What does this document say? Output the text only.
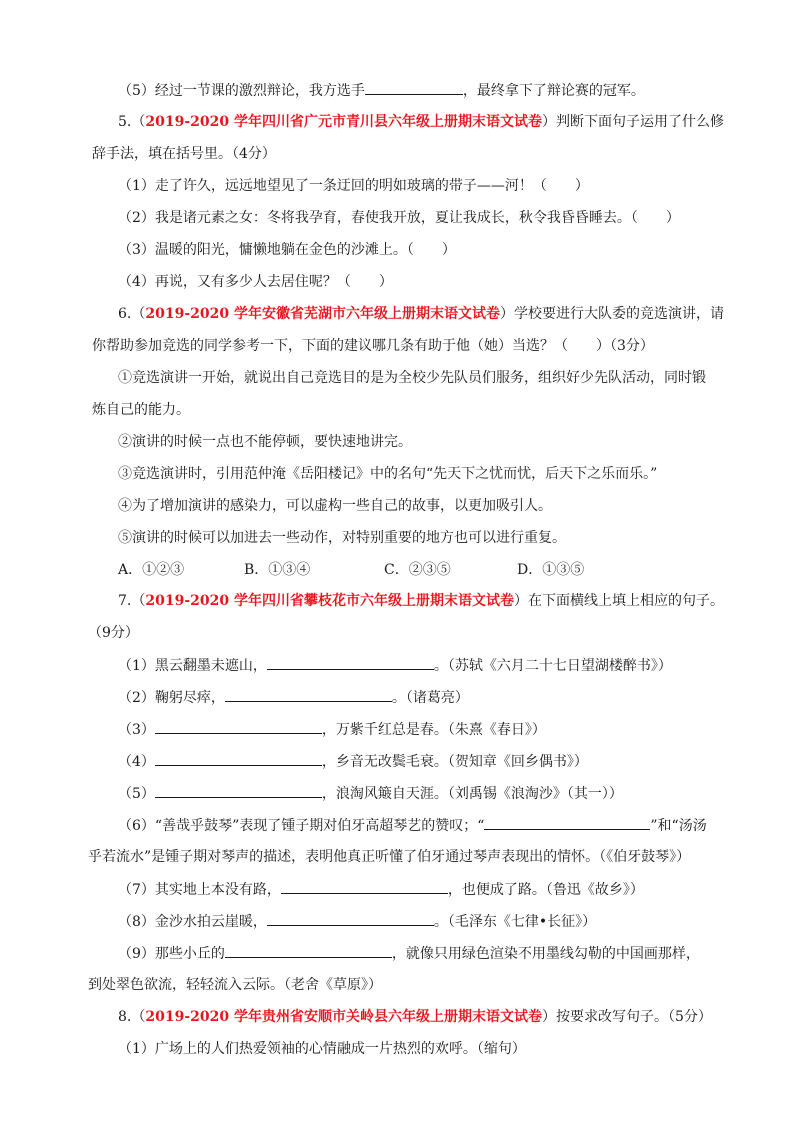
（5）经过一节课的激烈辩论，我方选手	，最终拿下了辩论赛的冠军。
5.（2019-2020 学年四川省广元市青川县六年级上册期末语文试卷）判断下面句子运用了什么修
辞手法，填在括号里。（4分）
（1）走了许久，远远地望见了一条迂回的明如玻璃的带子——河！（　　）
（2）我是诸元素之女：冬将我孕育，春使我开放，夏让我成长，秋令我昏昏睡去。（　　）
（3）温暖的阳光，慵懒地躺在金色的沙滩上。（　　）
（4）再说，又有多少人去居住呢？（　　）
6.（2019-2020 学年安徽省芜湖市六年级上册期末语文试卷）学校要进行大队委的竞选演讲，请
你帮助参加竞选的同学参考一下，下面的建议哪几条有助于他（她）当选？（　　）（3分）
①竞选演讲一开始，就说出自己竞选目的是为全校少先队员们服务，组织好少先队活动，同时锻
炼自己的能力。
②演讲的时候一点也不能停顿，要快速地讲完。
③竞选演讲时，引用范仲淹《岳阳楼记》中的名句“先天下之忧而忧，后天下之乐而乐。”
④为了增加演讲的感染力，可以虚构一些自己的故事，以更加吸引人。
⑤演讲的时候可以加进去一些动作，对特别重要的地方也可以进行重复。
A．①②③	B．①③④	C．②③⑤	D．①③⑤
7.（2019-2020 学年四川省攀枝花市六年级上册期末语文试卷）在下面横线上填上相应的句子。
（9分）
（1）黑云翻墨未遮山，	。（苏轼《六月二十七日望湖楼醉书》）
（2）鞠躬尽瘁，	。（诸葛亮）
（3）	，万紫千红总是春。（朱熹《春日》）
（4）	，乡音无改鬓毛衰。（贺知章《回乡偶书》）
（5）	，浪淘风簸自天涯。（刘禹锡《浪淘沙》（其一））
（6）“善哉乎鼓琴”表现了锺子期对伯牙高超琴艺的赞叹；“	”和“汤汤
乎若流水”是锺子期对琴声的描述，表明他真正听懂了伯牙通过琴声表现出的情怀。（《伯牙鼓琴》）
（7）其实地上本没有路，	，也便成了路。（鲁迅《故乡》）
（8）金沙水拍云崖暖，	。（毛泽东《七律•长征》）
（9）那些小丘的	，就像只用绿色渲染不用墨线勾勒的中国画那样，
到处翠色欲流，轻轻流入云际。（老舍《草原》）
8.（2019-2020 学年贵州省安顺市关岭县六年级上册期末语文试卷）按要求改写句子。（5分）
（1）广场上的人们热爱领袖的心情融成一片热烈的欢呼。（缩句）
